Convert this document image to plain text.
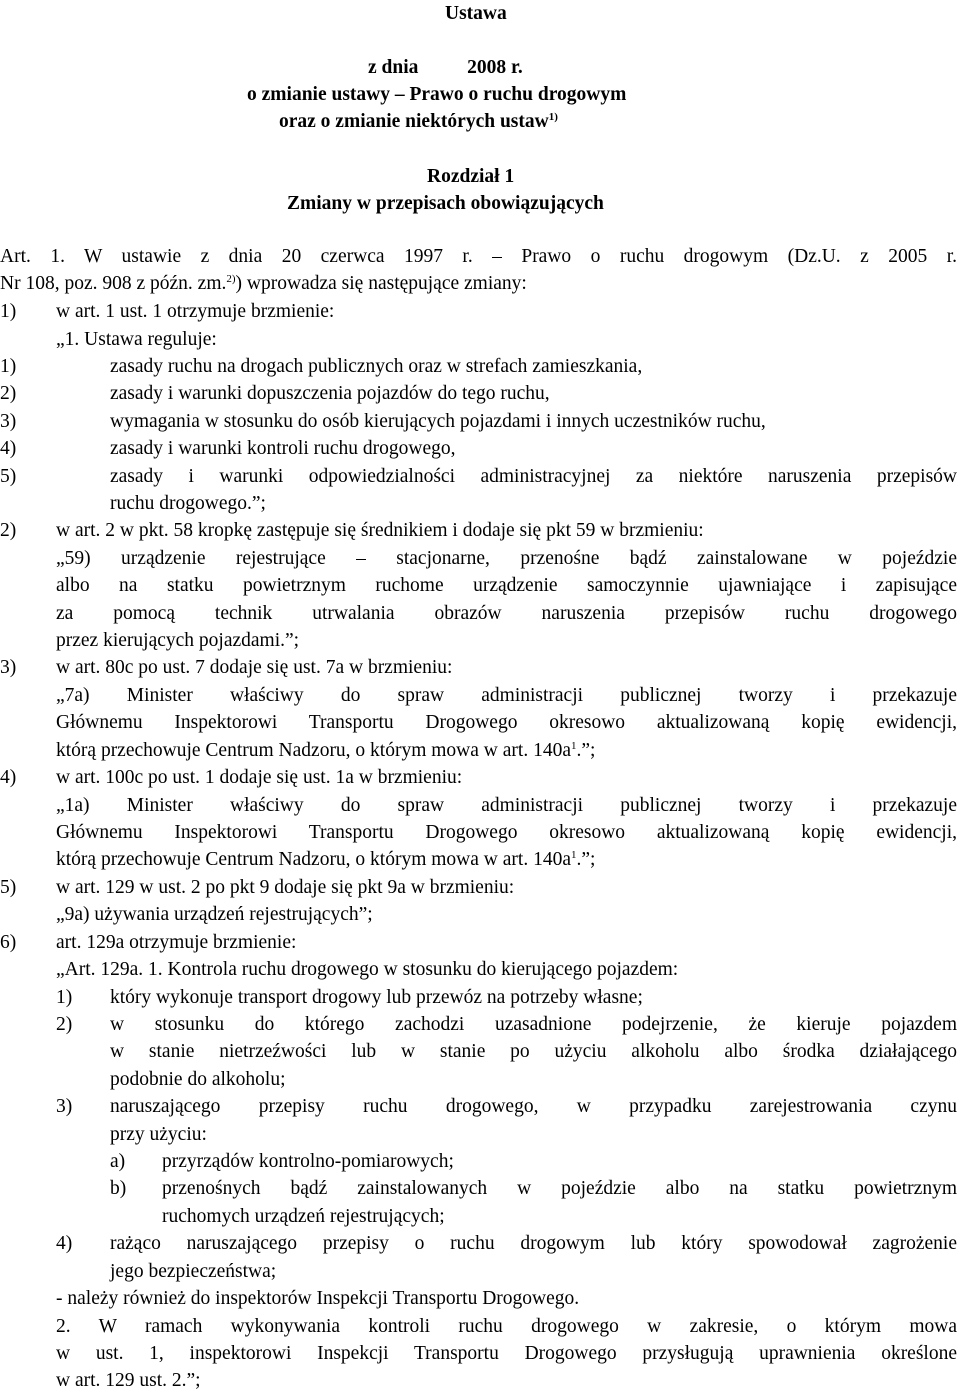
Ustawa
z dnia          2008 r.
o zmianie ustawy – Prawo o ruchu drogowym
oraz o zmianie niektórych ustaw$^{1)}$
Rozdział 1
Zmiany w przepisach obowiązujących
Art. 1. W ustawie z dnia 20 czerwca 1997 r. – Prawo o ruchu drogowym (Dz.U. z 2005 r.
Nr 108, poz. 908 z późn. zm.$^{2)}$) wprowadza się następujące zmiany:
1) w art. 1 ust. 1 otrzymuje brzmienie:
„1. Ustawa reguluje:
1)	zasady ruchu na drogach publicznych oraz w strefach zamieszkania,
2)	zasady i warunki dopuszczenia pojazdów do tego ruchu,
3)	wymagania w stosunku do osób kierujących pojazdami i innych uczestników ruchu,
4)	zasady i warunki kontroli ruchu drogowego,
5)	zasady i warunki odpowiedzialności administracyjnej za niektóre naruszenia przepisów
ruchu drogowego.”;
2) w art. 2 w pkt. 58 kropkę zastępuje się średnikiem i dodaje się pkt 59 w brzmieniu:
„59) urządzenie rejestrujące – stacjonarne, przenośne bądź zainstalowane w pojeździe
albo na statku powietrznym ruchome urządzenie samoczynnie ujawniające i zapisujące
za pomocą technik utrwalania obrazów naruszenia przepisów ruchu drogowego
przez kierujących pojazdami.”;
3) w art. 80c po ust. 7 dodaje się ust. 7a w brzmieniu:
„7a) Minister właściwy do spraw administracji publicznej tworzy i przekazuje
Głównemu Inspektorowi Transportu Drogowego okresowo aktualizowaną kopię ewidencji,
którą przechowuje Centrum Nadzoru, o którym mowa w art. $140a^1$.”;
4) w art. 100c po ust. 1 dodaje się ust. 1a w brzmieniu:
„1a) Minister właściwy do spraw administracji publicznej tworzy i przekazuje
Głównemu Inspektorowi Transportu Drogowego okresowo aktualizowaną kopię ewidencji,
którą przechowuje Centrum Nadzoru, o którym mowa w art. $140a^1$.”;
5) w art. 129 w ust. 2 po pkt 9 dodaje się pkt 9a w brzmieniu:
„9a) używania urządzeń rejestrujących”;
6) art. 129a otrzymuje brzmienie:
„Art. 129a. 1. Kontrola ruchu drogowego w stosunku do kierującego pojazdem:
1) który wykonuje transport drogowy lub przewóz na potrzeby własne;
2) w stosunku do którego zachodzi uzasadnione podejrzenie, że kieruje pojazdem
w stanie nietrzeźwości lub w stanie po użyciu alkoholu albo środka działającego
podobnie do alkoholu;
3) naruszającego przepisy ruchu drogowego, w przypadku zarejestrowania czynu
przy użyciu:
a) przyrządów kontrolno-pomiarowych;
b) przenośnych bądź zainstalowanych w pojeździe albo na statku powietrznym
ruchomych urządzeń rejestrujących;
4) rażąco naruszającego przepisy o ruchu drogowym lub który spowodował zagrożenie
jego bezpieczeństwa;
- należy również do inspektorów Inspekcji Transportu Drogowego.
2. W ramach wykonywania kontroli ruchu drogowego w zakresie, o którym mowa
w ust. 1, inspektorowi Inspekcji Transportu Drogowego przysługują uprawnienia określone
w art. 129 ust. 2.”;
